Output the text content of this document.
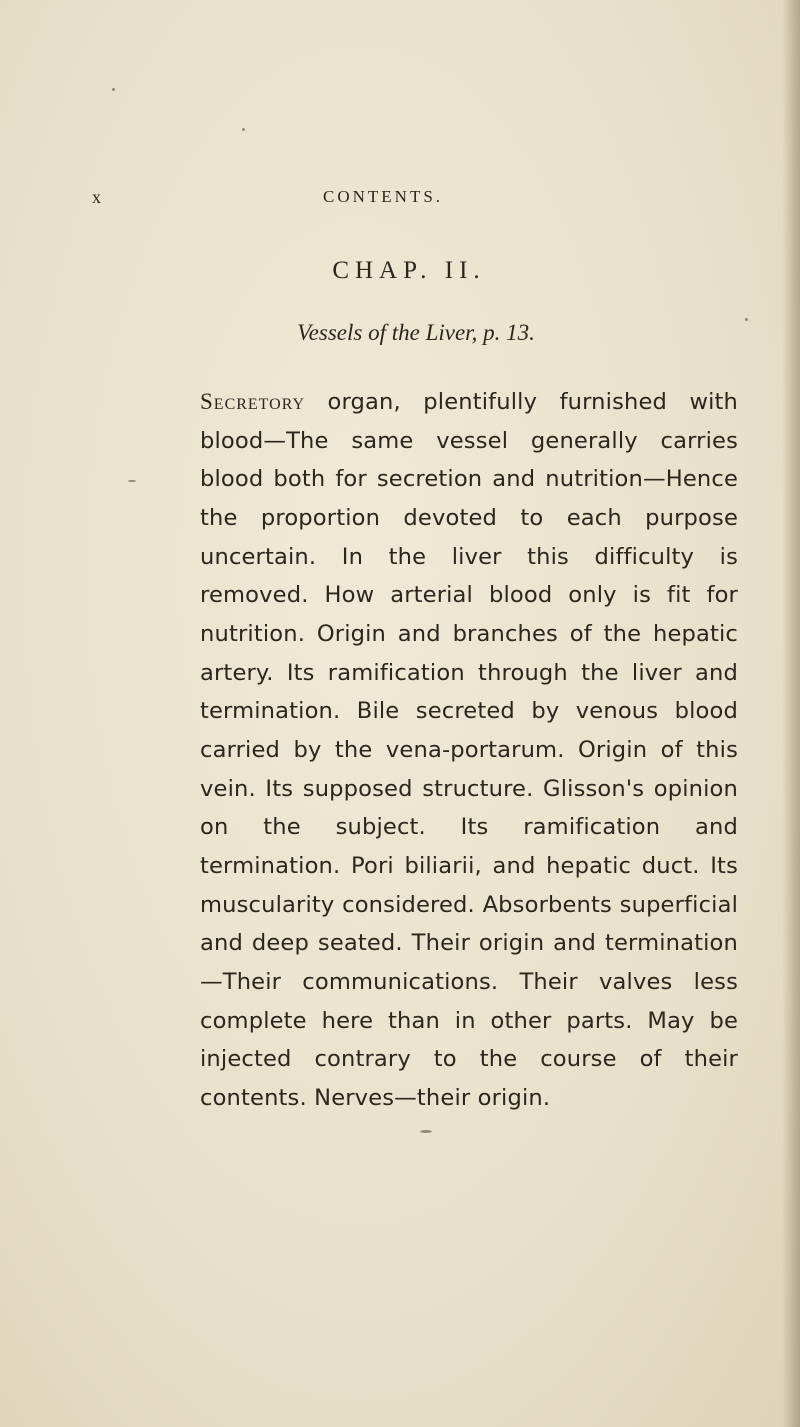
x	CONTENTS.
CHAP. II.
Vessels of the Liver, p. 13.
Secretory organ, plentifully furnished with blood—The same vessel generally carries blood both for secretion and nutrition—Hence the proportion devoted to each purpose uncertain. In the liver this difficulty is removed. How arterial blood only is fit for nutrition. Origin and branches of the hepatic artery. Its ramification through the liver and termination. Bile secreted by venous blood carried by the vena-portarum. Origin of this vein. Its supposed structure. Glisson's opinion on the subject. Its ramification and termination. Pori biliarii, and hepatic duct. Its muscularity considered. Absorbents superficial and deep seated. Their origin and termination—Their communications. Their valves less complete here than in other parts. May be injected contrary to the course of their contents. Nerves—their origin.
